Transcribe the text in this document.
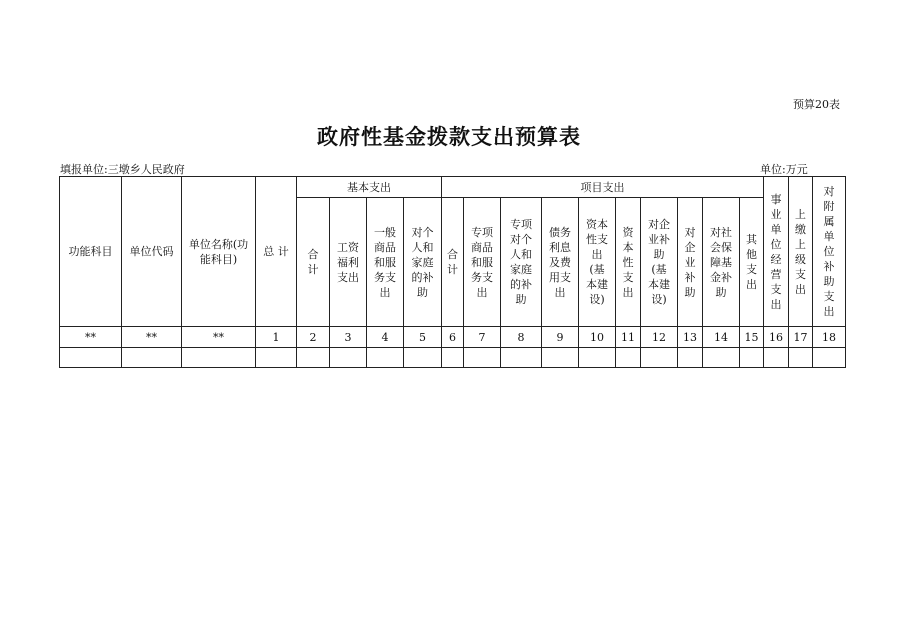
预算20表
政府性基金拨款支出预算表
填报单位:三墩乡人民政府	单位:万元
功能科目	单位代码	单位名称(功能科目)	总 计	基本支出				项目支出										事业单位经营支出	上缴上级支出	对附属单位补助支出

				合计	工资福利支出	一般商品和服务支出	对个人和家庭的补助	合计	专项商品和服务支出	专项对个人和家庭的补助	债务利息及费用支出	资本性支出(基本建设)	资本性支出	对企业补助(基本建设)	对企业补助	对社会保障基金补助	其他支出			

**	**	**	1	2	3	4	5	6	7	8	9	10	11	12	13	14	15	16	17	18
